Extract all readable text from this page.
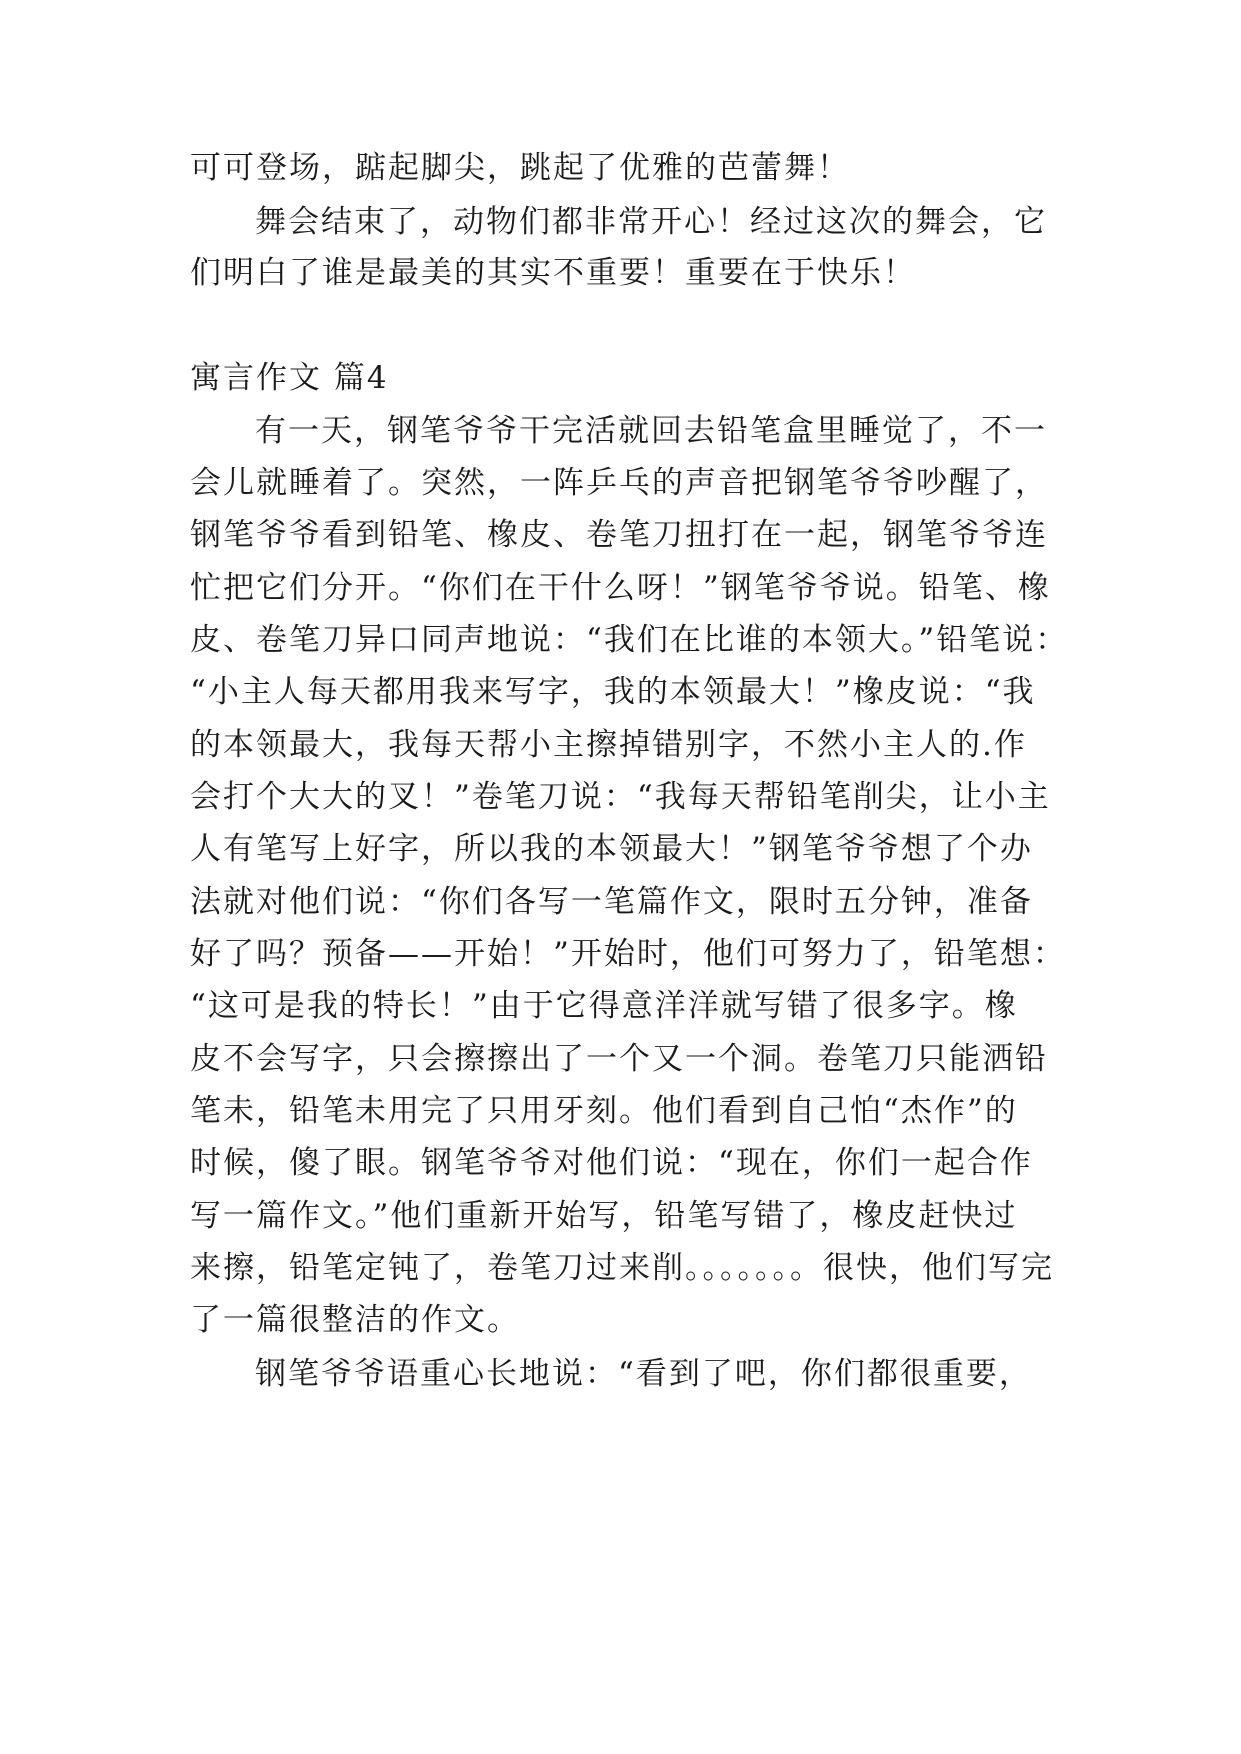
可可登场，踮起脚尖，跳起了优雅的芭蕾舞！
舞会结束了，动物们都非常开心！经过这次的舞会，它
们明白了谁是最美的其实不重要！重要在于快乐！
寓言作文 篇4
有一天，钢笔爷爷干完活就回去铅笔盒里睡觉了，不一
会儿就睡着了。突然，一阵乒乓的声音把钢笔爷爷吵醒了，
钢笔爷爷看到铅笔、橡皮、卷笔刀扭打在一起，钢笔爷爷连
忙把它们分开。“你们在干什么呀！”钢笔爷爷说。铅笔、橡
皮、卷笔刀异口同声地说：“我们在比谁的本领大。”铅笔说：
“小主人每天都用我来写字，我的本领最大！”橡皮说：“我
的本领最大，我每天帮小主擦掉错别字，不然小主人的.作
会打个大大的叉！”卷笔刀说：“我每天帮铅笔削尖，让小主
人有笔写上好字，所以我的本领最大！”钢笔爷爷想了个办
法就对他们说：“你们各写一笔篇作文，限时五分钟，准备
好了吗？预备——开始！”开始时，他们可努力了，铅笔想：
“这可是我的特长！”由于它得意洋洋就写错了很多字。橡
皮不会写字，只会擦擦出了一个又一个洞。卷笔刀只能洒铅
笔未，铅笔未用完了只用牙刻。他们看到自己怕“杰作”的
时候，傻了眼。钢笔爷爷对他们说：“现在，你们一起合作
写一篇作文。”他们重新开始写，铅笔写错了，橡皮赶快过
来擦，铅笔定钝了，卷笔刀过来削。。。。。。。很快，他们写完
了一篇很整洁的作文。
钢笔爷爷语重心长地说：“看到了吧，你们都很重要，
